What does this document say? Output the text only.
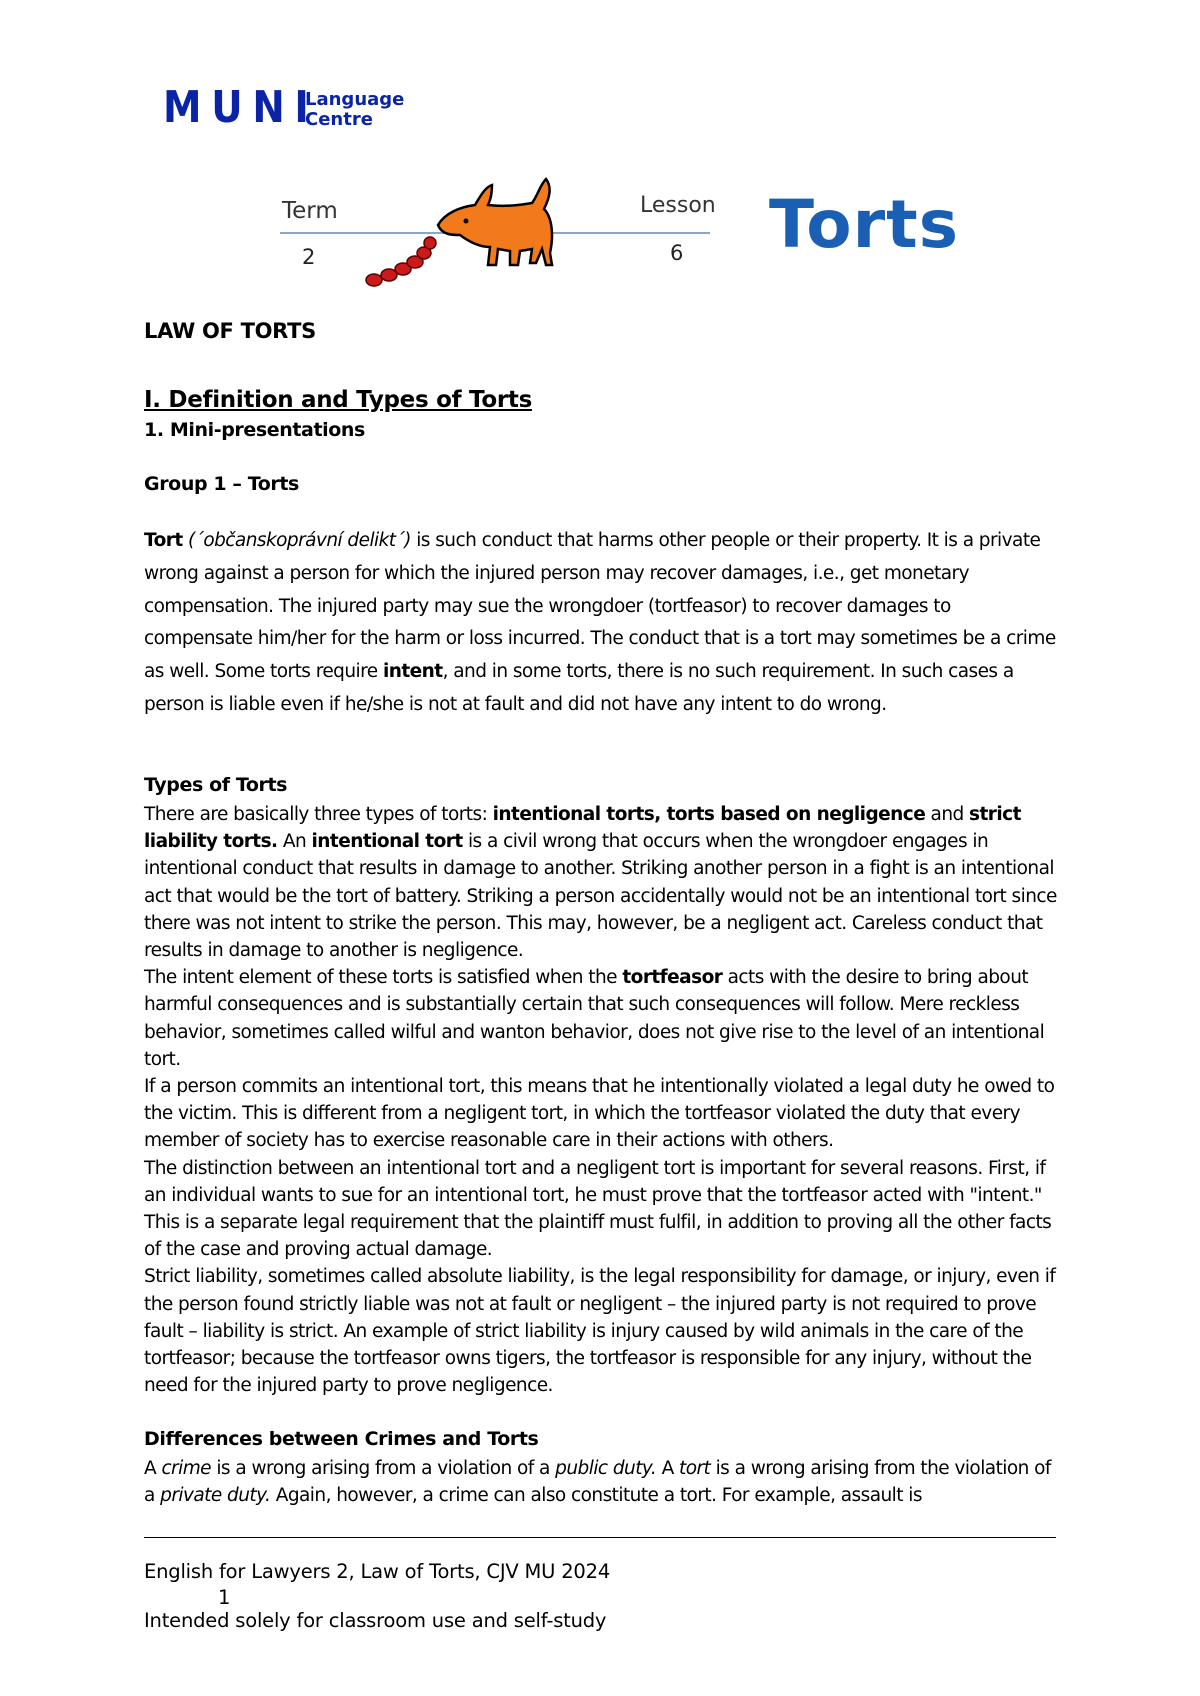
MUNI
Language
Centre
Term
2
Lesson
6 Torts
LAW OF TORTS
I. Definition and Types of Torts
1. Mini-presentations
Group 1 – Torts

Tort (´občanskoprávní delikt´) is such conduct that harms other people or their property. It is a private wrong against a person for which the injured person may recover damages, i.e., get monetary compensation. The injured party may sue the wrongdoer (tortfeasor) to recover damages to compensate him/her for the harm or loss incurred. The conduct that is a tort may sometimes be a crime as well. Some torts require intent, and in some torts, there is no such requirement. In such cases a person is liable even if he/she is not at fault and did not have any intent to do wrong.

Types of Torts

There are basically three types of torts: intentional torts, torts based on negligence and strict liability torts. An intentional tort is a civil wrong that occurs when the wrongdoer engages in intentional conduct that results in damage to another. Striking another person in a fight is an intentional act that would be the tort of battery. Striking a person accidentally would not be an intentional tort since there was not intent to strike the person. This may, however, be a negligent act. Careless conduct that results in damage to another is negligence.

The intent element of these torts is satisfied when the tortfeasor acts with the desire to bring about harmful consequences and is substantially certain that such consequences will follow. Mere reckless behavior, sometimes called wilful and wanton behavior, does not give rise to the level of an intentional tort.

If a person commits an intentional tort, this means that he intentionally violated a legal duty he owed to the victim. This is different from a negligent tort, in which the tortfeasor violated the duty that every member of society has to exercise reasonable care in their actions with others.

The distinction between an intentional tort and a negligent tort is important for several reasons. First, if an individual wants to sue for an intentional tort, he must prove that the tortfeasor acted with "intent." This is a separate legal requirement that the plaintiff must fulfil, in addition to proving all the other facts of the case and proving actual damage.

Strict liability, sometimes called absolute liability, is the legal responsibility for damage, or injury, even if the person found strictly liable was not at fault or negligent – the injured party is not required to prove fault – liability is strict. An example of strict liability is injury caused by wild animals in the care of the tortfeasor; because the tortfeasor owns tigers, the tortfeasor is responsible for any injury, without the need for the injured party to prove negligence.

Differences between Crimes and Torts

A crime is a wrong arising from a violation of a public duty. A tort is a wrong arising from the violation of a private duty. Again, however, a crime can also constitute a tort. For example, assault is

English for Lawyers 2, Law of Torts, CJV MU 2024
1
Intended solely for classroom use and self-study
